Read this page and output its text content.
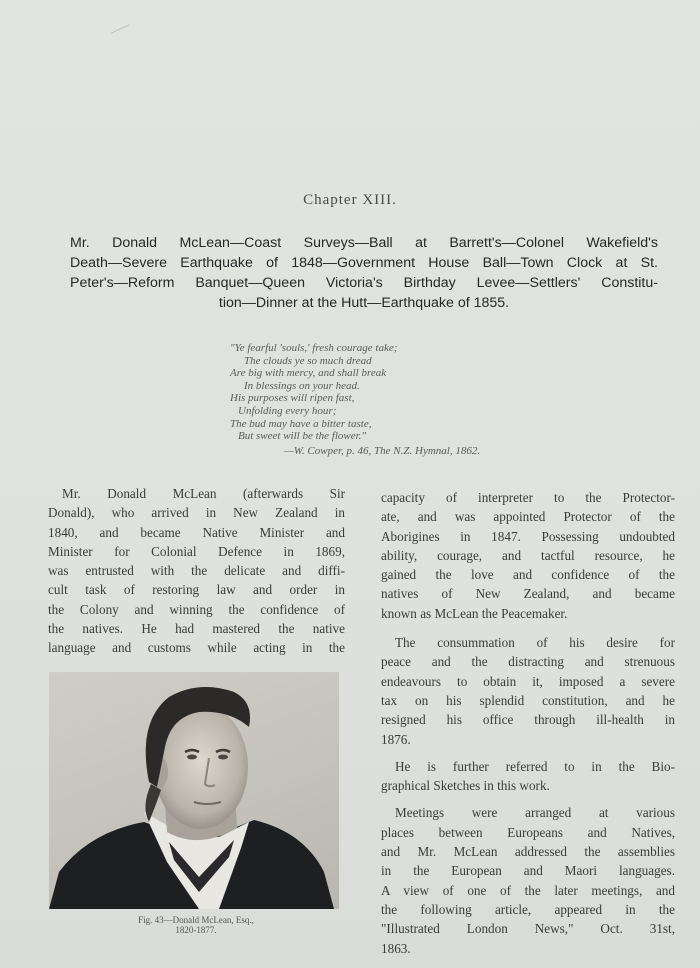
Chapter XIII.
Mr. Donald McLean—Coast Surveys—Ball at Barrett's—Colonel Wakefield's
Death—Severe Earthquake of 1848—Government House Ball—Town Clock at St.
Peter's—Reform Banquet—Queen Victoria's Birthday Levee—Settlers' Constitu-
tion—Dinner at the Hutt—Earthquake of 1855.
"Ye fearful 'souls,' fresh courage take;
The clouds ye so much dread
Are big with mercy, and shall break
In blessings on your head.
His purposes will ripen fast,
Unfolding every hour;
The bud may have a bitter taste,
But sweet will be the flower."
—W. Cowper, p. 46, The N.Z. Hymnal, 1862.
Mr. Donald McLean (afterwards Sir
Donald), who arrived in New Zealand in
1840, and became Native Minister and
Minister for Colonial Defence in 1869,
was entrusted with the delicate and diffi-
cult task of restoring law and order in
the Colony and winning the confidence of
the natives. He had mastered the native
language and customs while acting in the
Fig. 43—Donald McLean, Esq.,
1820-1877.

capacity of interpreter to the Protector-
ate, and was appointed Protector of the
Aborigines in 1847. Possessing undoubted
ability, courage, and tactful resource, he
gained the love and confidence of the
natives of New Zealand, and became
known as McLean the Peacemaker.

The consummation of his desire for
peace and the distracting and strenuous
endeavours to obtain it, imposed a severe
tax on his splendid constitution, and he
resigned his office through ill-health in
1876.

He is further referred to in the Bio-
graphical Sketches in this work.

Meetings were arranged at various
places between Europeans and Natives,
and Mr. McLean addressed the assemblies
in the European and Maori languages.
A view of one of the later meetings, and
the following article, appeared in the
"Illustrated London News," Oct. 31st,
1863.
